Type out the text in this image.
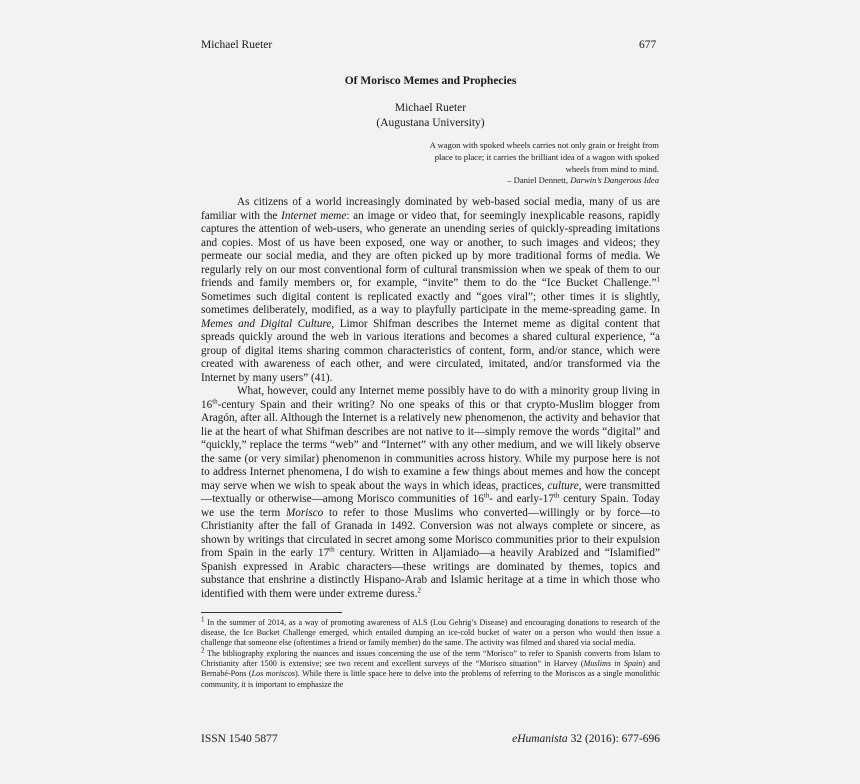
Michael Rueter	677
Of Morisco Memes and Prophecies
Michael Rueter
(Augustana University)
A wagon with spoked wheels carries not only grain or freight from
place to place; it carries the brilliant idea of a wagon with spoked
wheels from mind to mind.
– Daniel Dennett, Darwin’s Dangerous Idea

As citizens of a world increasingly dominated by web-based social media, many of us are familiar with the Internet meme: an image or video that, for seemingly inexplicable reasons, rapidly captures the attention of web-users, who generate an unending series of quickly-spreading imitations and copies. Most of us have been exposed, one way or another, to such images and videos; they permeate our social media, and they are often picked up by more traditional forms of media. We regularly rely on our most conventional form of cultural transmission when we speak of them to our friends and family members or, for example, “invite” them to do the “Ice Bucket Challenge.”$^1$ Sometimes such digital content is replicated exactly and “goes viral”; other times it is slightly, sometimes deliberately, modified, as a way to playfully participate in the meme-spreading game. In Memes and Digital Culture, Limor Shifman describes the Internet meme as digital content that spreads quickly around the web in various iterations and becomes a shared cultural experience, “a group of digital items sharing common characteristics of content, form, and/or stance, which were created with awareness of each other, and were circulated, imitated, and/or transformed via the Internet by many users” (41).

What, however, could any Internet meme possibly have to do with a minority group living in 16th-century Spain and their writing? No one speaks of this or that crypto-Muslim blogger from Aragón, after all. Although the Internet is a relatively new phenomenon, the activity and behavior that lie at the heart of what Shifman describes are not native to it—simply remove the words “digital” and “quickly,” replace the terms “web” and “Internet” with any other medium, and we will likely observe the same (or very similar) phenomenon in communities across history. While my purpose here is not to address Internet phenomena, I do wish to examine a few things about memes and how the concept may serve when we wish to speak about the ways in which ideas, practices, culture, were transmitted—textually or otherwise—among Morisco communities of 16th- and early-17th century Spain. Today we use the term Morisco to refer to those Muslims who converted—willingly or by force—to Christianity after the fall of Granada in 1492. Conversion was not always complete or sincere, as shown by writings that circulated in secret among some Morisco communities prior to their expulsion from Spain in the early 17th century. Written in Aljamiado—a heavily Arabized and “Islamified” Spanish expressed in Arabic characters—these writings are dominated by themes, topics and substance that enshrine a distinctly Hispano-Arab and Islamic heritage at a time in which those who identified with them were under extreme duress.$^2$

$^1$ In the summer of 2014, as a way of promoting awareness of ALS (Lou Gehrig’s Disease) and encouraging donations to research of the disease, the Ice Bucket Challenge emerged, which entailed dumping an ice-cold bucket of water on a person who would then issue a challenge that someone else (oftentimes a friend or family member) do the same. The activity was filmed and shared via social media.

$^2$ The bibliography exploring the nuances and issues concerning the use of the term “Morisco” to refer to Spanish converts from Islam to Christianity after 1500 is extensive; see two recent and excellent surveys of the “Morisco situation” in Harvey (Muslims in Spain) and Bernabé-Pons (Los moriscos). While there is little space here to delve into the problems of referring to the Moriscos as a single monolithic community, it is important to emphasize the

ISSN 1540 5877	eHumanista 32 (2016): 677-696
